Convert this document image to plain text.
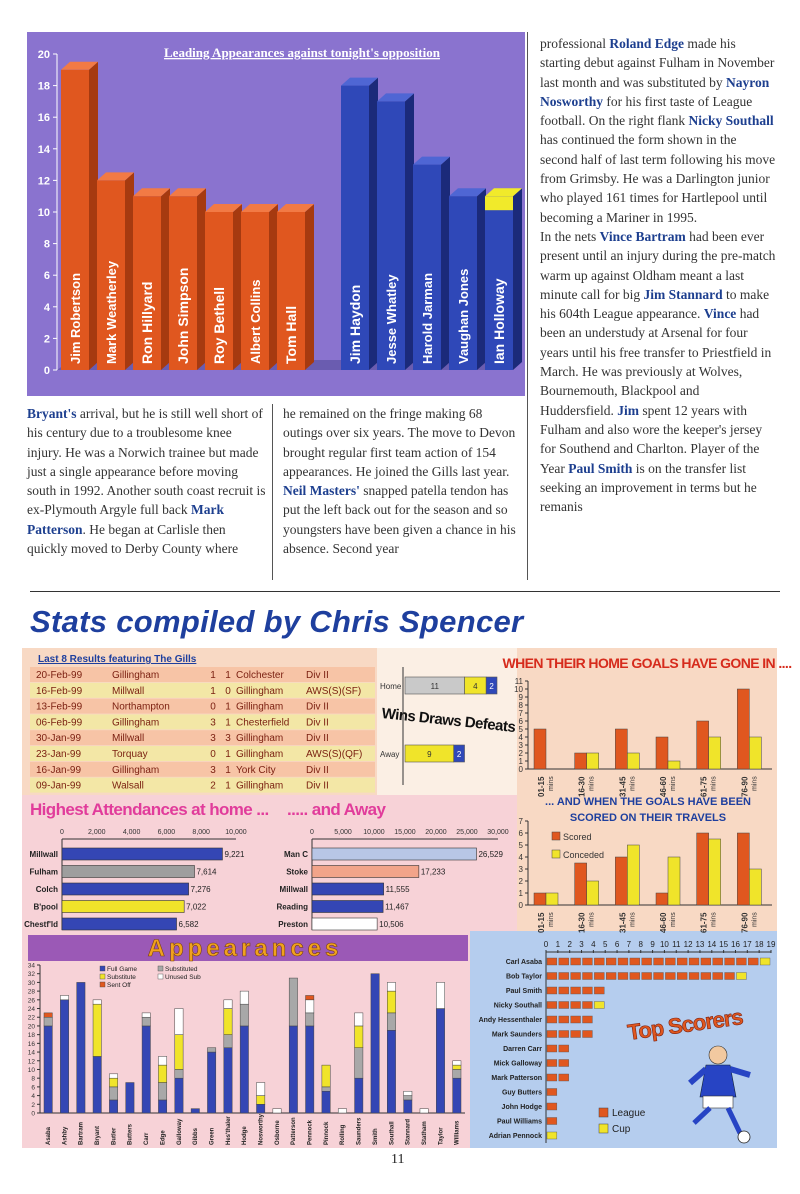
0
2
4
6
8
10
12
14
16
18
20	Leading Appearances against tonight's opposition
Jim Robertson Mark Weatherley Ron Hillyard John Simpson Roy Bethell Albert Collins Tom Hall	Jim Haydon Jesse Whatley Harold Jarman Vaughan Jones Ian Holloway
Bryant's arrival, but he is still well short of his century due to a troublesome knee injury. He was a Norwich trainee but made just a single appearance before moving south in 1992. Another south coast recruit is ex-Plymouth Argyle full back Mark Patterson. He began at Carlisle then quickly moved to Derby County where
he remained on the fringe making 68 outings over six years. The move to Devon brought regular first team action of 154 appearances. He joined the Gills last year. Neil Masters' snapped patella tendon has put the left back out for the season and so youngsters have been given a chance in his absence. Second year
professional Roland Edge made his starting debut against Fulham in November last month and was substituted by Nayron Nosworthy for his first taste of League football. On the right flank Nicky Southall has continued the form shown in the second half of last term following his move from Grimsby. He was a Darlington junior who played 161 times for Hartlepool until becoming a Mariner in 1995.
In the nets Vince Bartram had been ever present until an injury during the pre-match warm up against Oldham meant a last minute call for big Jim Stannard to make his 604th League appearance. Vince had been an understudy at Arsenal for four years until his free transfer to Priestfield in March. He was previously at Wolves, Bournemouth, Blackpool and Huddersfield. Jim spent 12 years with Fulham and also wore the keeper's jersey for Southend and Charlton. Player of the Year Paul Smith is on the transfer list seeking an improvement in terms but he remanis
Stats compiled by Chris Spencer
Last 8 Results featuring The Gills
20-Feb-99	Gillingham	1 1 Colchester Div II
16-Feb-99	Millwall	1 0 Gillingham AWS(S)(SF)
13-Feb-99	Northampton	0 1 Gillingham Div II
06-Feb-99	Gillingham	3 1 Chesterfield Div II
30-Jan-99	Millwall	3 3 Gillingham Div II
23-Jan-99	Torquay	0 1 Gillingham AWS(S)(QF)
16-Jan-99	Gillingham	3 1 York City	Div II
09-Jan-99	Walsall	2 1 Gillingham Div II
Home	11	4 2
Away	9	2
Wins Draws Defeats
WHEN THEIR HOME GOALS HAVE GONE IN ....
0
1
2
3
4
5
6
7
8
9
10
11
01-15 mins	16-30 mins	31-45 mins	46-60 mins	61-75 mins	76-90 mins
... AND WHEN THE GOALS HAVE BEEN SCORED ON THEIR TRAVELS
0
1
2
3
4
5
6
7
01-15 mins	16-30 mins	31-45 mins	46-60 mins	61-75 mins	76-90 mins
Scored
Conceded
Highest Attendances at home ...
0	2,000 4,000 6,000 8,000 10,000
Millwall	9,221
Fulham	7,614
Colch	7,276
B'pool	7,022
Chestf'ld	6,582
..... and Away
0	5,000 10,000 15,000 20,000 25,000 30,000
Man C	26,529
Stoke	17,233
Millwall	11,555
Reading	11,467
Preston	10,506
Appearances
0
2
4
6
8
10
12
14
16
18
20
22
24
26
28
30
32
34
Asaba Ashby Bartram Bryant Butler Butters Carr Edge Galloway Gibbs Green Hes'thaler Hodge Nosworthy Osborne Patterson Pennock Pinnock Rolling Saunders Smith Southall Stannard Statham Taylor Williams
Full Game	Substituted
Substitute	Unused Sub
Sent Off
0 1 2 3 4 5 6 7 8 9 10 11 12 13 14 15 16 17 18 19
Carl Asaba
Bob Taylor
Paul Smith
Nicky Southall
Andy Hessenthaler
Mark Saunders
Darren Carr
Mick Galloway
Mark Patterson
Guy Butters
John Hodge
Paul Williams
Adrian Pennock
Top Scorers
League
Cup
11
